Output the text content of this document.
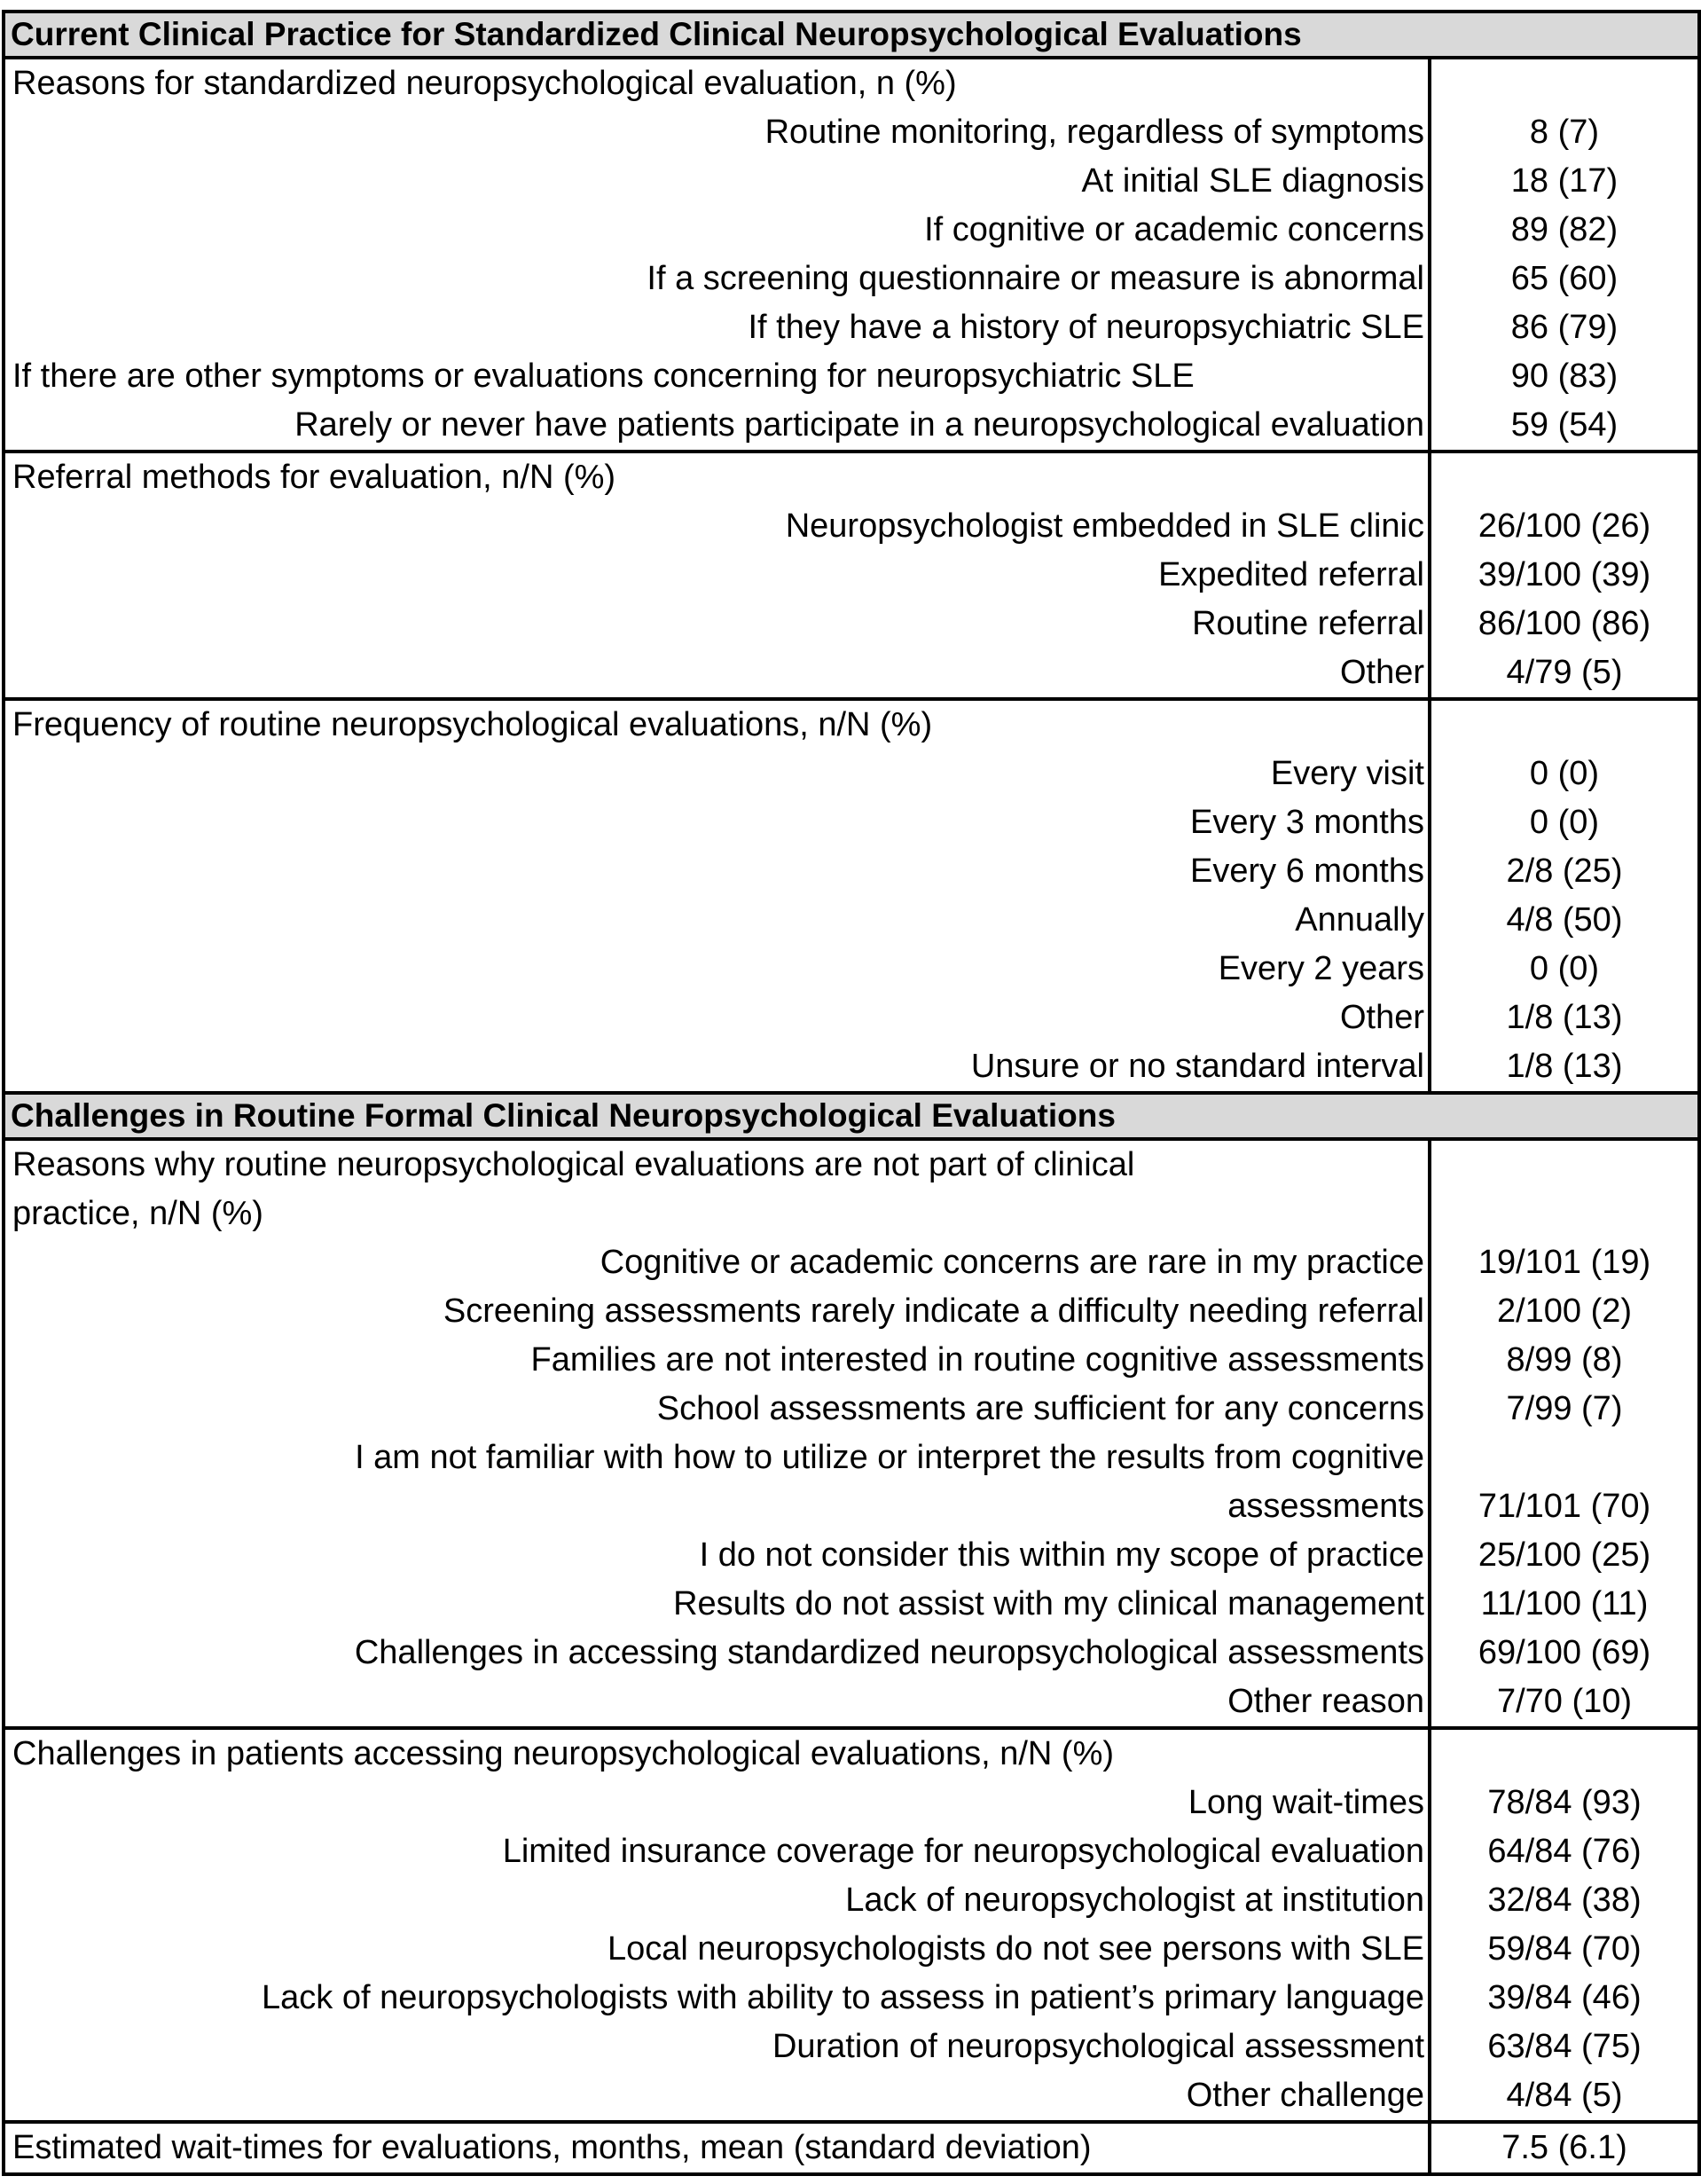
Current Clinical Practice for Standardized Clinical Neuropsychological Evaluations
Reasons for standardized neuropsychological evaluation, n (%)
Routine monitoring, regardless of symptoms
At initial SLE diagnosis
If cognitive or academic concerns
If a screening questionnaire or measure is abnormal
If they have a history of neuropsychiatric SLE
If there are other symptoms or evaluations concerning for neuropsychiatric SLE
Rarely or never have patients participate in a neuropsychological evaluation
8 (7)
18 (17)
89 (82)
65 (60)
86 (79)
90 (83)
59 (54)
Referral methods for evaluation, n/N (%)
Neuropsychologist embedded in SLE clinic
Expedited referral
Routine referral
Other
26/100 (26)
39/100 (39)
86/100 (86)
4/79 (5)
Frequency of routine neuropsychological evaluations, n/N (%)
Every visit
Every 3 months
Every 6 months
Annually
Every 2 years
Other
Unsure or no standard interval
0 (0)
0 (0)
2/8 (25)
4/8 (50)
0 (0)
1/8 (13)
1/8 (13)
Challenges in Routine Formal Clinical Neuropsychological Evaluations
Reasons why routine neuropsychological evaluations are not part of clinical
practice, n/N (%)
Cognitive or academic concerns are rare in my practice
Screening assessments rarely indicate a difficulty needing referral
Families are not interested in routine cognitive assessments
School assessments are sufficient for any concerns
I am not familiar with how to utilize or interpret the results from cognitive
assessments
I do not consider this within my scope of practice
Results do not assist with my clinical management
Challenges in accessing standardized neuropsychological assessments
Other reason
19/101 (19)
2/100 (2)
8/99 (8)
7/99 (7)
71/101 (70)
25/100 (25)
11/100 (11)
69/100 (69)
7/70 (10)
Challenges in patients accessing neuropsychological evaluations, n/N (%)
Long wait-times
Limited insurance coverage for neuropsychological evaluation
Lack of neuropsychologist at institution
Local neuropsychologists do not see persons with SLE
Lack of neuropsychologists with ability to assess in patient’s primary language
Duration of neuropsychological assessment
Other challenge
78/84 (93)
64/84 (76)
32/84 (38)
59/84 (70)
39/84 (46)
63/84 (75)
4/84 (5)
Estimated wait-times for evaluations, months, mean (standard deviation)	7.5 (6.1)
